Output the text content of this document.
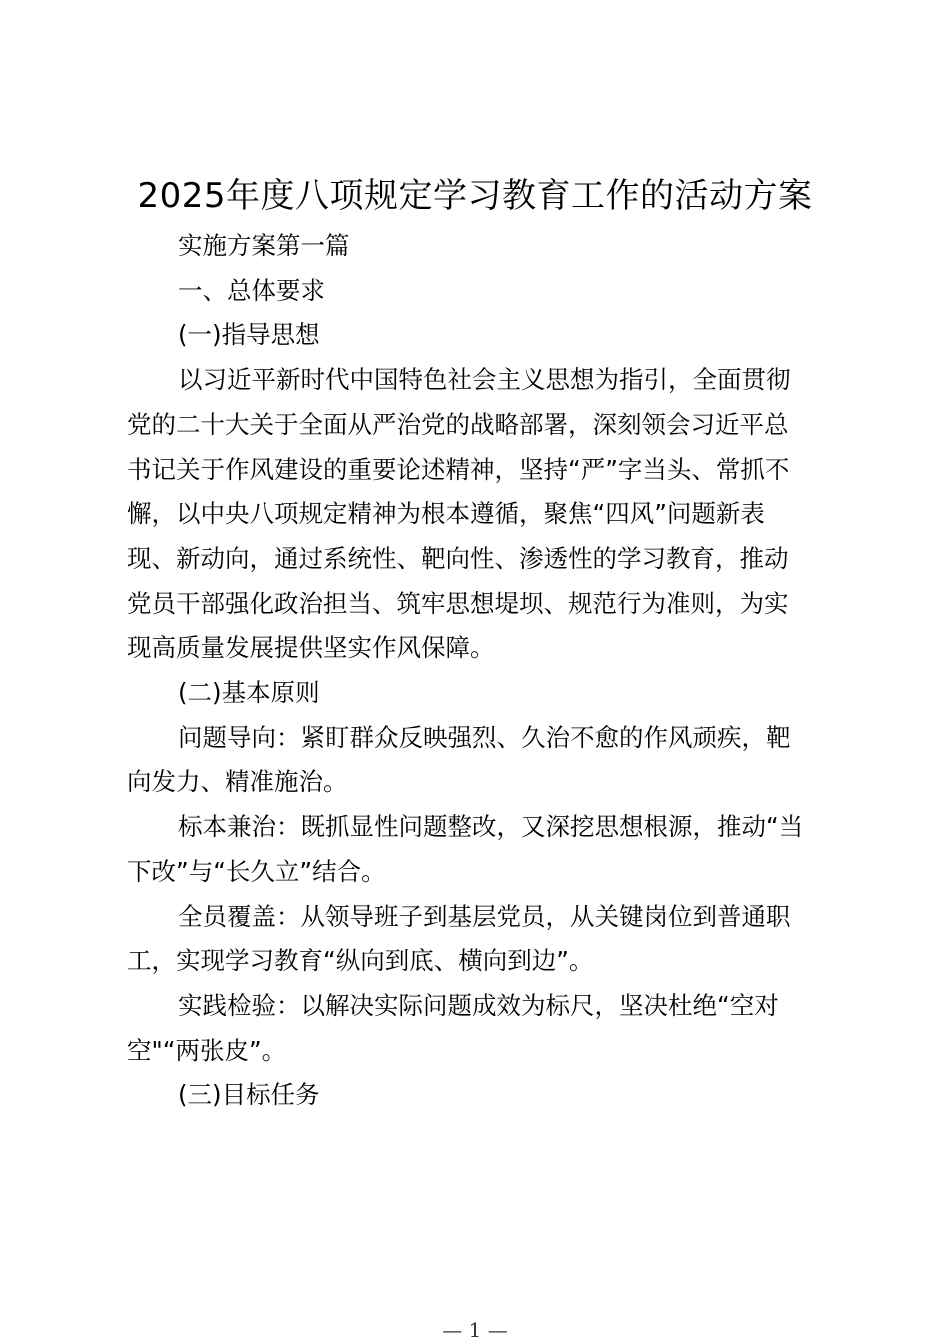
2025年度八项规定学习教育工作的活动方案

实施方案第一篇

一、总体要求

(一)指导思想

以习近平新时代中国特色社会主义思想为指引，全面贯彻

党的二十大关于全面从严治党的战略部署，深刻领会习近平总

书记关于作风建设的重要论述精神，坚持“严”字当头、常抓不

懈，以中央八项规定精神为根本遵循，聚焦“四风”问题新表

现、新动向，通过系统性、靶向性、渗透性的学习教育，推动

党员干部强化政治担当、筑牢思想堤坝、规范行为准则，为实

现高质量发展提供坚实作风保障。

(二)基本原则

问题导向：紧盯群众反映强烈、久治不愈的作风顽疾，靶

向发力、精准施治。

标本兼治：既抓显性问题整改，又深挖思想根源，推动“当

下改”与“长久立”结合。

全员覆盖：从领导班子到基层党员，从关键岗位到普通职

工，实现学习教育“纵向到底、横向到边”。

实践检验：以解决实际问题成效为标尺，坚决杜绝“空对

空"“两张皮”。

(三)目标任务

— 1 —
